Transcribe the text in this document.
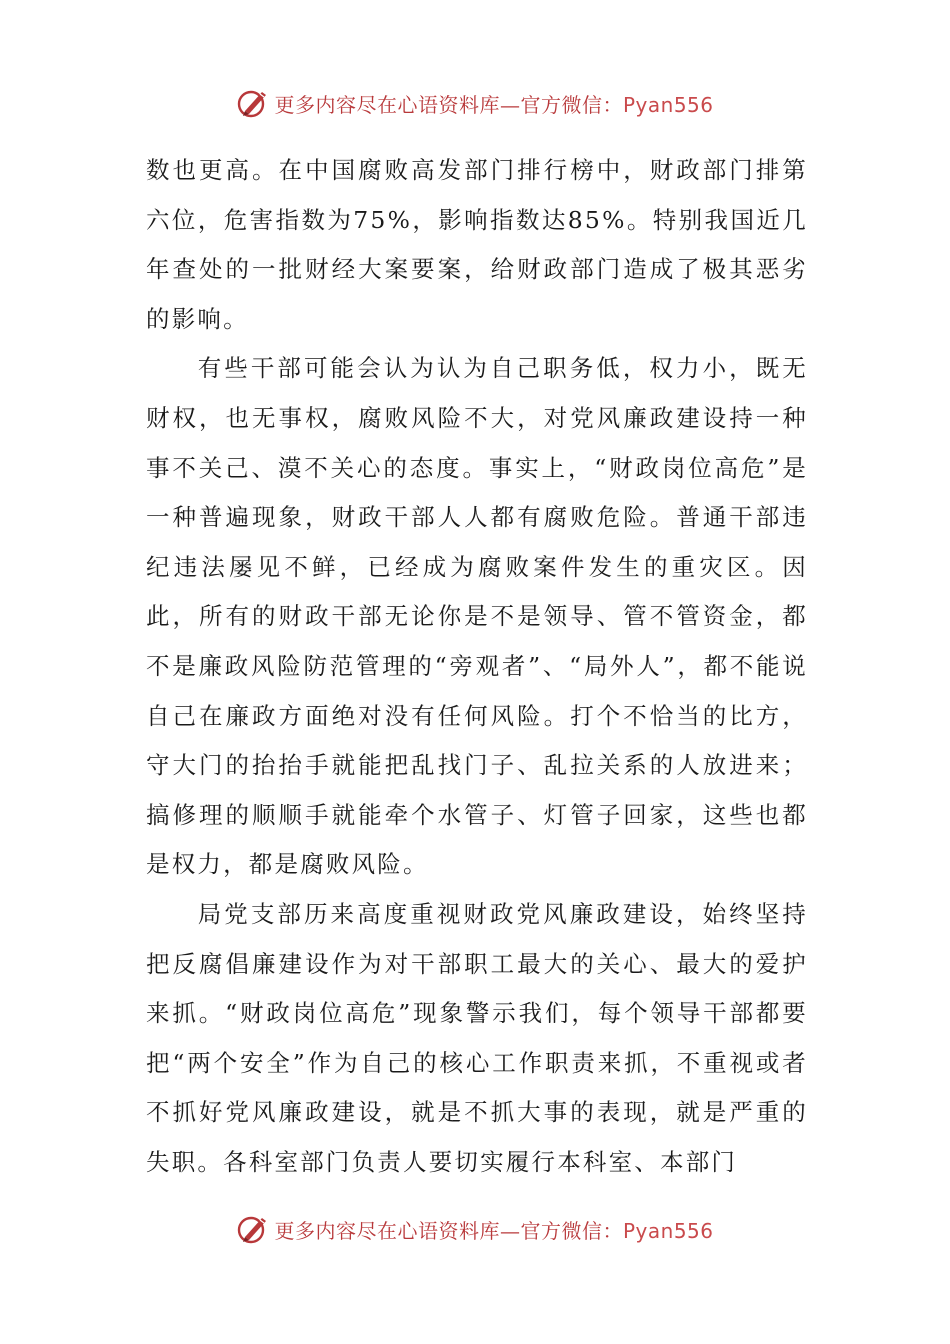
更多内容尽在心语资料库—官方微信：Pyan556

数也更高。在中国腐败高发部门排行榜中，财政部门排第六位，危害指数为75%，影响指数达85%。特别我国近几年查处的一批财经大案要案，给财政部门造成了极其恶劣的影响。

有些干部可能会认为认为自己职务低，权力小，既无财权，也无事权，腐败风险不大，对党风廉政建设持一种事不关己、漠不关心的态度。事实上，“财政岗位高危”是一种普遍现象，财政干部人人都有腐败危险。普通干部违纪违法屡见不鲜，已经成为腐败案件发生的重灾区。因此，所有的财政干部无论你是不是领导、管不管资金，都不是廉政风险防范管理的“旁观者”、“局外人”，都不能说自己在廉政方面绝对没有任何风险。打个不恰当的比方，守大门的抬抬手就能把乱找门子、乱拉关系的人放进来；搞修理的顺顺手就能牵个水管子、灯管子回家，这些也都是权力，都是腐败风险。

局党支部历来高度重视财政党风廉政建设，始终坚持把反腐倡廉建设作为对干部职工最大的关心、最大的爱护来抓。“财政岗位高危”现象警示我们，每个领导干部都要把“两个安全”作为自己的核心工作职责来抓，不重视或者不抓好党风廉政建设，就是不抓大事的表现，就是严重的失职。各科室部门负责人要切实履行本科室、本部门

更多内容尽在心语资料库—官方微信：Pyan556
